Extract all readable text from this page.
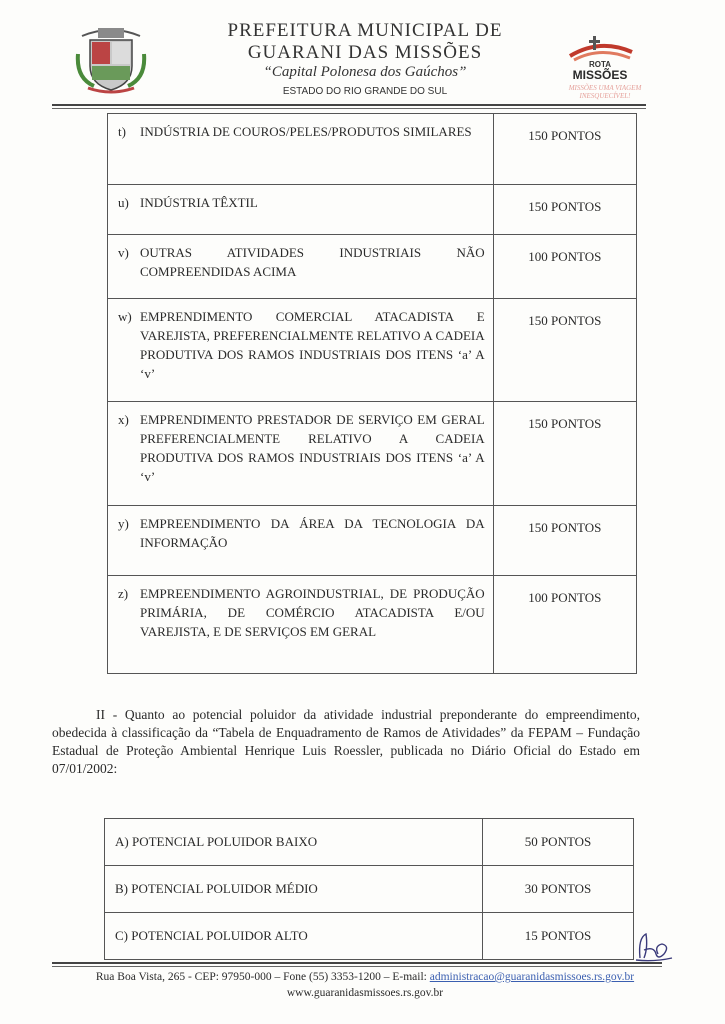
PREFEITURA MUNICIPAL DE
GUARANI DAS MISSÕES
“Capital Polonesa dos Gaúchos”
ESTADO DO RIO GRANDE DO SUL
ROTA
MISSÕES
MISSÕES UMA VIAGEM
INESQUECÍVEL!
t) INDÚSTRIA DE COUROS/PELES/PRODUTOS SIMILARES	150 PONTOS

u) INDÚSTRIA TÊXTIL	150 PONTOS

v) OUTRAS ATIVIDADES INDUSTRIAIS NÃO COMPREENDIDAS ACIMA	100 PONTOS

w) EMPRENDIMENTO COMERCIAL ATACADISTA E VAREJISTA, PREFERENCIALMENTE RELATIVO A CADEIA PRODUTIVA DOS RAMOS INDUSTRIAIS DOS ITENS ‘a’ A ‘v’	150 PONTOS

x) EMPRENDIMENTO PRESTADOR DE SERVIÇO EM GERAL PREFERENCIALMENTE RELATIVO A CADEIA PRODUTIVA DOS RAMOS INDUSTRIAIS DOS ITENS ‘a’ A ‘v’	150 PONTOS

y) EMPREENDIMENTO DA ÁREA DA TECNOLOGIA DA INFORMAÇÃO	150 PONTOS

z) EMPREENDIMENTO AGROINDUSTRIAL, DE PRODUÇÃO PRIMÁRIA, DE COMÉRCIO ATACADISTA E/OU VAREJISTA, E DE SERVIÇOS EM GERAL	100 PONTOS
II - Quanto ao potencial poluidor da atividade industrial preponderante do empreendimento, obedecida à classificação da “Tabela de Enquadramento de Ramos de Atividades” da FEPAM – Fundação Estadual de Proteção Ambiental Henrique Luis Roessler, publicada no Diário Oficial do Estado em 07/01/2002:
A) POTENCIAL POLUIDOR BAIXO	50 PONTOS
B) POTENCIAL POLUIDOR MÉDIO	30 PONTOS
C) POTENCIAL POLUIDOR ALTO	15 PONTOS
Rua Boa Vista, 265 - CEP: 97950-000 – Fone (55) 3353-1200 – E-mail: administracao@guaranidasmissoes.rs.gov.br
www.guaranidasmissoes.rs.gov.br
